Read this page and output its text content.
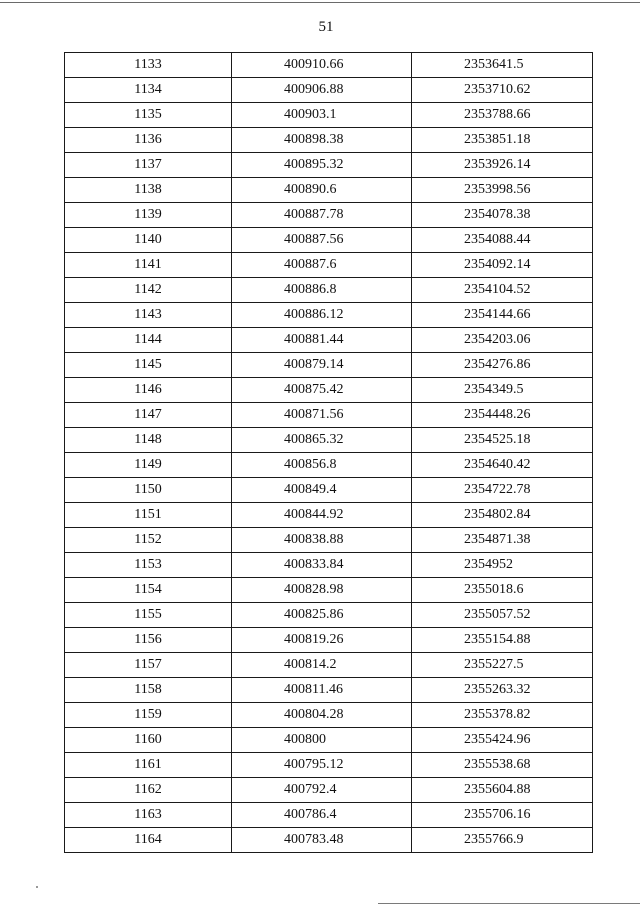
51
1133	400910.66	2353641.5
1134	400906.88	2353710.62
1135	400903.1	2353788.66
1136	400898.38	2353851.18
1137	400895.32	2353926.14
1138	400890.6	2353998.56
1139	400887.78	2354078.38
1140	400887.56	2354088.44
1141	400887.6	2354092.14
1142	400886.8	2354104.52
1143	400886.12	2354144.66
1144	400881.44	2354203.06
1145	400879.14	2354276.86
1146	400875.42	2354349.5
1147	400871.56	2354448.26
1148	400865.32	2354525.18
1149	400856.8	2354640.42
1150	400849.4	2354722.78
1151	400844.92	2354802.84
1152	400838.88	2354871.38
1153	400833.84	2354952
1154	400828.98	2355018.6
1155	400825.86	2355057.52
1156	400819.26	2355154.88
1157	400814.2	2355227.5
1158	400811.46	2355263.32
1159	400804.28	2355378.82
1160	400800	2355424.96
1161	400795.12	2355538.68
1162	400792.4	2355604.88
1163	400786.4	2355706.16
1164	400783.48	2355766.9
